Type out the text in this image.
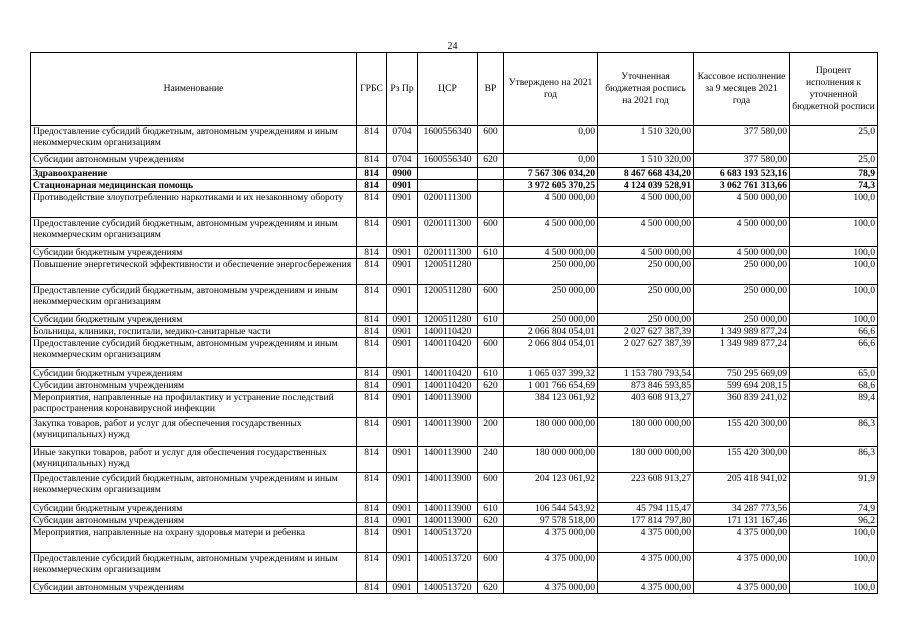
24
Наименование	ГРБС	Рз Пр	ЦСР	ВР	Утверждено на 2021 год	Уточненная бюджетная роспись на 2021 год	Кассовое исполнение за 9 месяцев 2021 года	Процент исполнения к уточненной бюджетной росписи
Предоставление субсидий бюджетным, автономным учреждениям и иным некоммерческим организациям	814	0704	1600556340	600	0,00	1 510 320,00	377 580,00	25,0
Субсидии автономным учреждениям	814	0704	1600556340	620	0,00	1 510 320,00	377 580,00	25,0
Здравоохранение	814	0900			7 567 306 034,20	8 467 668 434,20	6 683 193 523,16	78,9
Стационарная медицинская помощь	814	0901			3 972 605 370,25	4 124 039 528,91	3 062 761 313,66	74,3
Противодействие злоупотреблению наркотиками и их незаконному обороту	814	0901	0200111300		4 500 000,00	4 500 000,00	4 500 000,00	100,0
Предоставление субсидий бюджетным, автономным учреждениям и иным некоммерческим организациям	814	0901	0200111300	600	4 500 000,00	4 500 000,00	4 500 000,00	100,0
Субсидии бюджетным учреждениям	814	0901	0200111300	610	4 500 000,00	4 500 000,00	4 500 000,00	100,0
Повышение энергетической эффективности и обеспечение энергосбережения	814	0901	1200511280		250 000,00	250 000,00	250 000,00	100,0
Предоставление субсидий бюджетным, автономным учреждениям и иным некоммерческим организациям	814	0901	1200511280	600	250 000,00	250 000,00	250 000,00	100,0
Субсидии бюджетным учреждениям	814	0901	1200511280	610	250 000,00	250 000,00	250 000,00	100,0
Больницы, клиники, госпитали, медико-санитарные части	814	0901	1400110420		2 066 804 054,01	2 027 627 387,39	1 349 989 877,24	66,6
Предоставление субсидий бюджетным, автономным учреждениям и иным некоммерческим организациям	814	0901	1400110420	600	2 066 804 054,01	2 027 627 387,39	1 349 989 877,24	66,6
Субсидии бюджетным учреждениям	814	0901	1400110420	610	1 065 037 399,32	1 153 780 793,54	750 295 669,09	65,0
Субсидии автономным учреждениям	814	0901	1400110420	620	1 001 766 654,69	873 846 593,85	599 694 208,15	68,6
Мероприятия, направленные на профилактику и устранение последствий распространения коронавирусной инфекции	814	0901	1400113900		384 123 061,92	403 608 913,27	360 839 241,02	89,4
Закупка товаров, работ и услуг для обеспечения государственных (муниципальных) нужд	814	0901	1400113900	200	180 000 000,00	180 000 000,00	155 420 300,00	86,3
Иные закупки товаров, работ и услуг для обеспечения государственных (муниципальных) нужд	814	0901	1400113900	240	180 000 000,00	180 000 000,00	155 420 300,00	86,3
Предоставление субсидий бюджетным, автономным учреждениям и иным некоммерческим организациям	814	0901	1400113900	600	204 123 061,92	223 608 913,27	205 418 941,02	91,9
Субсидии бюджетным учреждениям	814	0901	1400113900	610	106 544 543,92	45 794 115,47	34 287 773,56	74,9
Субсидии автономным учреждениям	814	0901	1400113900	620	97 578 518,00	177 814 797,80	171 131 167,46	96,2
Мероприятия, направленные на охрану здоровья матери и ребенка	814	0901	1400513720		4 375 000,00	4 375 000,00	4 375 000,00	100,0
Предоставление субсидий бюджетным, автономным учреждениям и иным некоммерческим организациям	814	0901	1400513720	600	4 375 000,00	4 375 000,00	4 375 000,00	100,0
Субсидии автономным учреждениям	814	0901	1400513720	620	4 375 000,00	4 375 000,00	4 375 000,00	100,0
